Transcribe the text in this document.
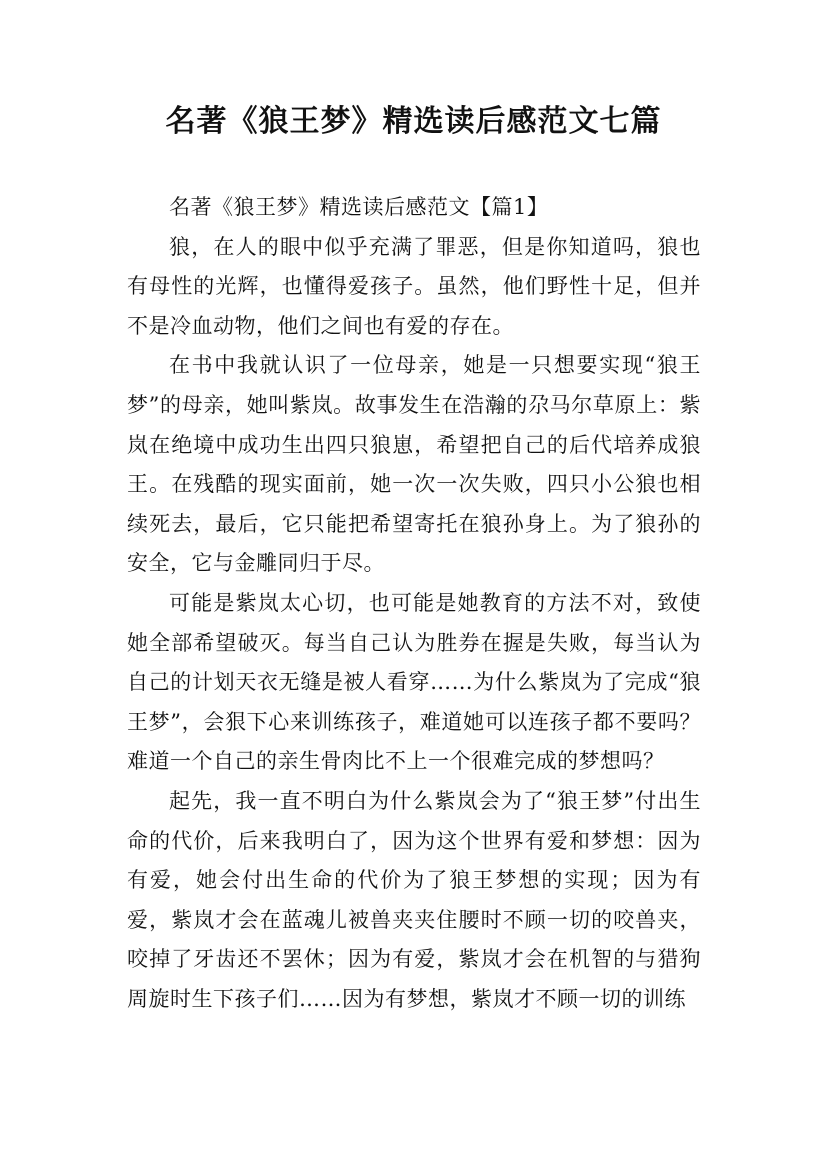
名著《狼王梦》精选读后感范文七篇

名著《狼王梦》精选读后感范文【篇1】

狼，在人的眼中似乎充满了罪恶，但是你知道吗，狼也有母性的光辉，也懂得爱孩子。虽然，他们野性十足，但并不是冷血动物，他们之间也有爱的存在。

在书中我就认识了一位母亲，她是一只想要实现“狼王梦”的母亲，她叫紫岚。故事发生在浩瀚的尕马尔草原上：紫岚在绝境中成功生出四只狼崽，希望把自己的后代培养成狼王。在残酷的现实面前，她一次一次失败，四只小公狼也相续死去，最后，它只能把希望寄托在狼孙身上。为了狼孙的安全，它与金雕同归于尽。

可能是紫岚太心切，也可能是她教育的方法不对，致使她全部希望破灭。每当自己认为胜券在握是失败，每当认为自己的计划天衣无缝是被人看穿……为什么紫岚为了完成“狼王梦”，会狠下心来训练孩子，难道她可以连孩子都不要吗？难道一个自己的亲生骨肉比不上一个很难完成的梦想吗？

起先，我一直不明白为什么紫岚会为了“狼王梦”付出生命的代价，后来我明白了，因为这个世界有爱和梦想：因为有爱，她会付出生命的代价为了狼王梦想的实现；因为有爱，紫岚才会在蓝魂儿被兽夹夹住腰时不顾一切的咬兽夹，咬掉了牙齿还不罢休；因为有爱，紫岚才会在机智的与猎狗周旋时生下孩子们……因为有梦想，紫岚才不顾一切的训练
